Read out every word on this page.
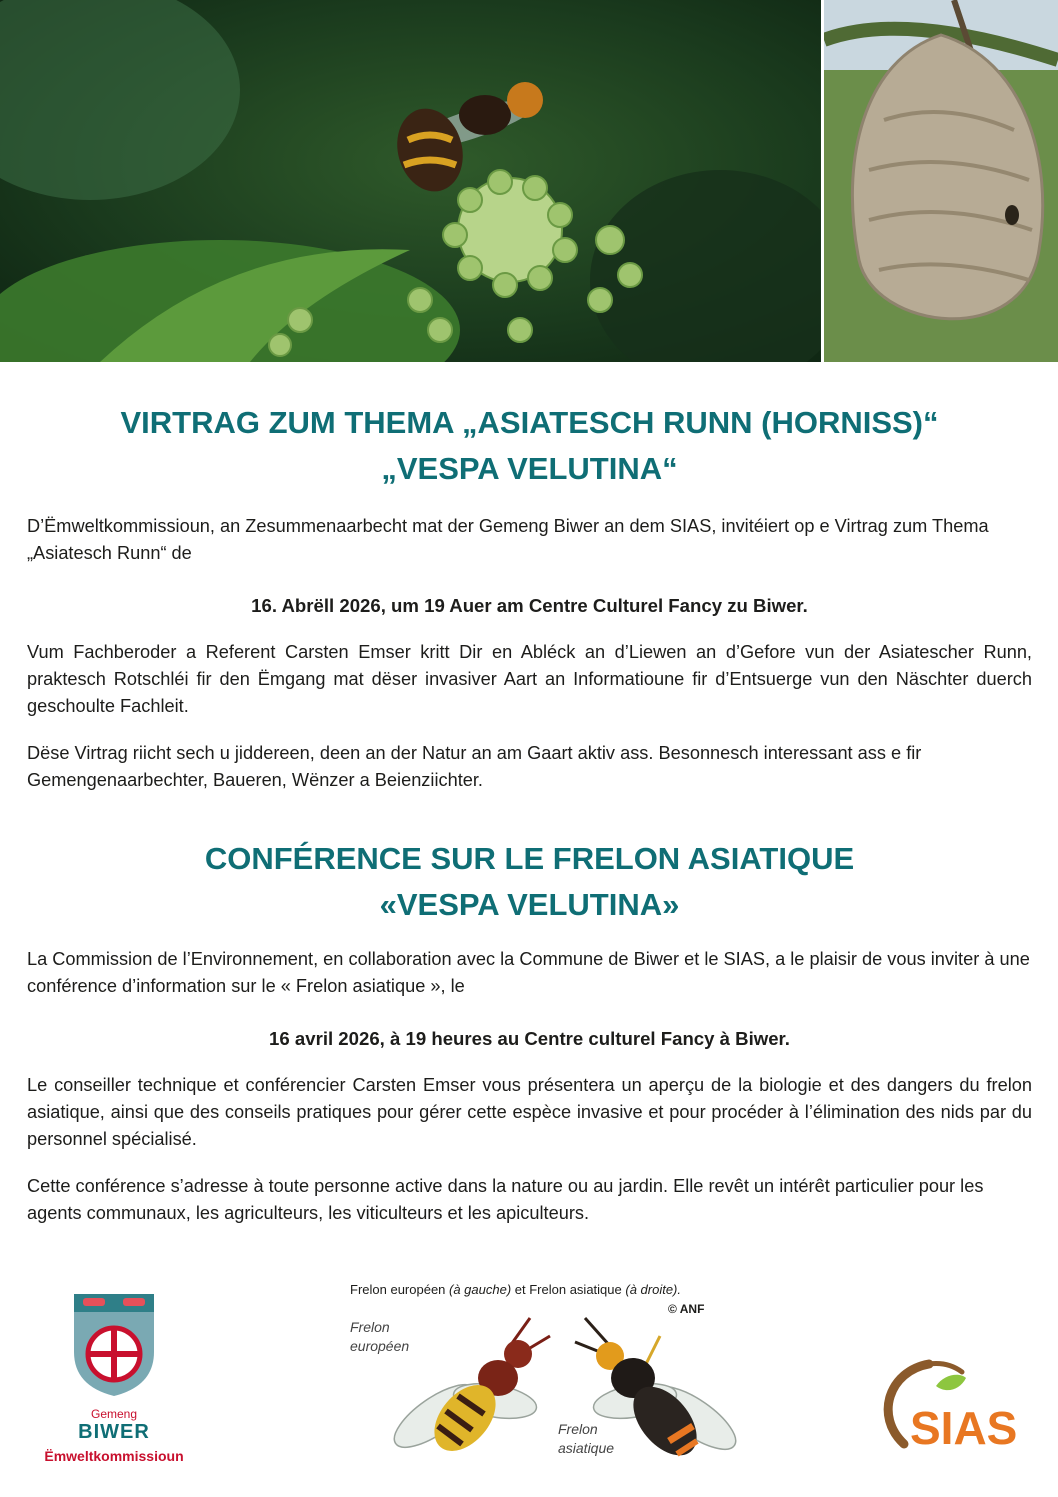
VIRTRAG ZUM THEMA „ASIATESCH RUNN (HORNISS)“
„VESPA VELUTINA“

D’Ëmweltkommissioun, an Zesummenaarbecht mat der Gemeng Biwer an dem SIAS, invitéiert op e Virtrag zum Thema „Asiatesch Runn“ de

16. Abrëll 2026, um 19 Auer am Centre Culturel Fancy zu Biwer.

Vum Fachberoder a Referent Carsten Emser kritt Dir en Abléck an d’Liewen an d’Gefore vun der Asiatescher Runn, praktesch Rotschléi fir den Ëmgang mat dëser invasiver Aart an Informatioune fir d’Entsuerge vun den Näschter duerch geschoulte Fachleit.

Dëse Virtrag riicht sech u jiddereen, deen an der Natur an am Gaart aktiv ass. Besonnesch interessant ass e fir Gemengenaarbechter, Baueren, Wënzer a Beienziichter.

CONFÉRENCE SUR LE FRELON ASIATIQUE
«VESPA VELUTINA»

La Commission de l’Environnement, en collaboration avec la Commune de Biwer et le SIAS, a le plaisir de vous inviter à une conférence d’information sur le « Frelon asiatique », le

16 avril 2026, à 19 heures au Centre culturel Fancy à Biwer.

Le conseiller technique et conférencier Carsten Emser vous présentera un aperçu de la biologie et des dangers du frelon asiatique, ainsi que des conseils pratiques pour gérer cette espèce invasive et pour procéder à l’élimination des nids par du personnel spécialisé.

Cette conférence s’adresse à toute personne active dans la nature ou au jardin. Elle revêt un intérêt particulier pour les agents communaux, les agriculteurs, les viticulteurs et les apiculteurs.

Gemeng
BIWER
Ëmweltkommissioun
Frelon européen (à gauche) et Frelon asiatique (à droite).
© ANF
Frelon
européen
Frelon
asiatique	SIAS
